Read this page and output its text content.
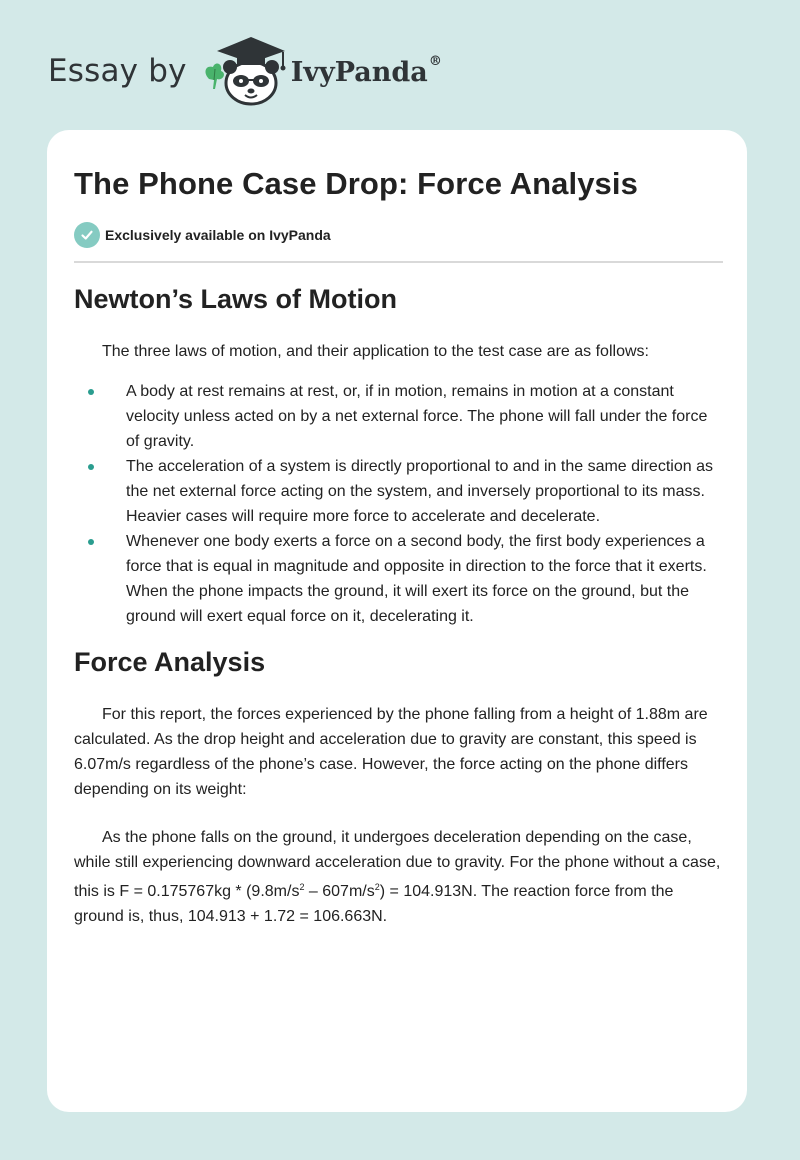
Essay by	IvyPanda®
The Phone Case Drop: Force Analysis
Exclusively available on IvyPanda
Newton’s Laws of Motion

The three laws of motion, and their application to the test case are as follows:

A body at rest remains at rest, or, if in motion, remains in motion at a constant velocity unless acted on by a net external force. The phone will fall under the force of gravity.
The acceleration of a system is directly proportional to and in the same direction as the net external force acting on the system, and inversely proportional to its mass. Heavier cases will require more force to accelerate and decelerate.
Whenever one body exerts a force on a second body, the first body experiences a force that is equal in magnitude and opposite in direction to the force that it exerts. When the phone impacts the ground, it will exert its force on the ground, but the ground will exert equal force on it, decelerating it.
Force Analysis

For this report, the forces experienced by the phone falling from a height of 1.88m are calculated. As the drop height and acceleration due to gravity are constant, this speed is 6.07m/s regardless of the phone’s case. However, the force acting on the phone differs depending on its weight:

As the phone falls on the ground, it undergoes deceleration depending on the case, while still experiencing downward acceleration due to gravity. For the phone without a case, this is $F = 0.175767kg * (9.8m/s^2 - 607m/s^2) = 104.913N$. The reaction force from the ground is, thus, 104.913 + 1.72 = 106.663N.
